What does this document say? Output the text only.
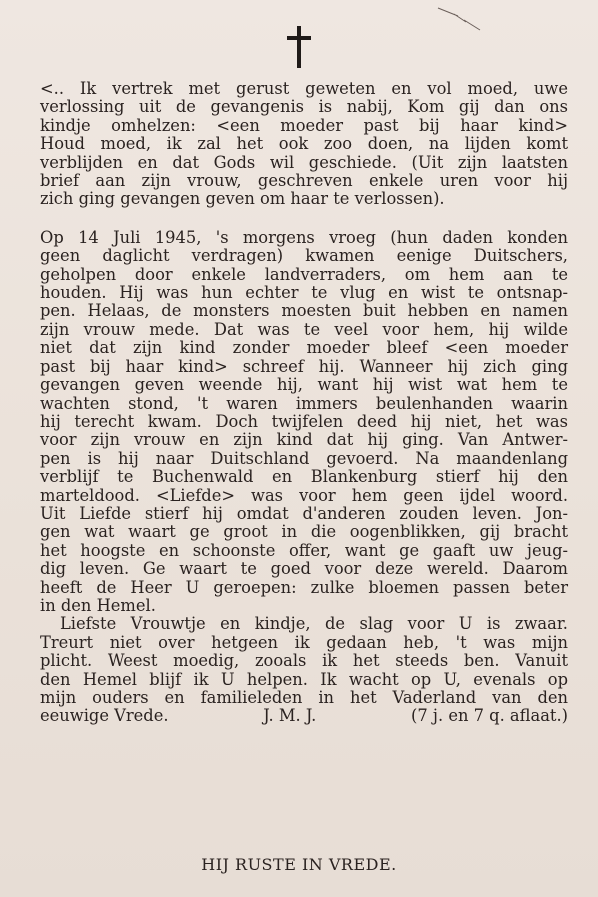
<.. Ik vertrek met gerust geweten en vol moed, uwe
verlossing uit de gevangenis is nabij, Kom gij dan ons
kindje omhelzen: <een moeder past bij haar kind>
Houd moed, ik zal het ook zoo doen, na lijden komt
verblijden en dat Gods wil geschiede. (Uit zijn laatsten
brief aan zijn vrouw, geschreven enkele uren voor hij
zich ging gevangen geven om haar te verlossen).
Op 14 Juli 1945, 's morgens vroeg (hun daden konden
geen daglicht verdragen) kwamen eenige Duitschers,
geholpen door enkele landverraders, om hem aan te
houden. Hij was hun echter te vlug en wist te ontsnap-
pen. Helaas, de monsters moesten buit hebben en namen
zijn vrouw mede. Dat was te veel voor hem, hij wilde
niet dat zijn kind zonder moeder bleef <een moeder
past bij haar kind> schreef hij. Wanneer hij zich ging
gevangen geven weende hij, want hij wist wat hem te
wachten stond, 't waren immers beulenhanden waarin
hij terecht kwam. Doch twijfelen deed hij niet, het was
voor zijn vrouw en zijn kind dat hij ging. Van Antwer-
pen is hij naar Duitschland gevoerd. Na maandenlang
verblijf te Buchenwald en Blankenburg stierf hij den
marteldood. <Liefde> was voor hem geen ijdel woord.
Uit Liefde stierf hij omdat d'anderen zouden leven. Jon-
gen wat waart ge groot in die oogenblikken, gij bracht
het hoogste en schoonste offer, want ge gaaft uw jeug-
dig leven. Ge waart te goed voor deze wereld. Daarom
heeft de Heer U geroepen: zulke bloemen passen beter
in den Hemel.
Liefste Vrouwtje en kindje, de slag voor U is zwaar.
Treurt niet over hetgeen ik gedaan heb, 't was mijn
plicht. Weest moedig, zooals ik het steeds ben. Vanuit
den Hemel blijf ik U helpen. Ik wacht op U, evenals op
mijn ouders en familieleden in het Vaderland van den
eeuwige Vrede.	J. M. J.	(7 j. en 7 q. aflaat.)
HIJ RUSTE IN VREDE.
